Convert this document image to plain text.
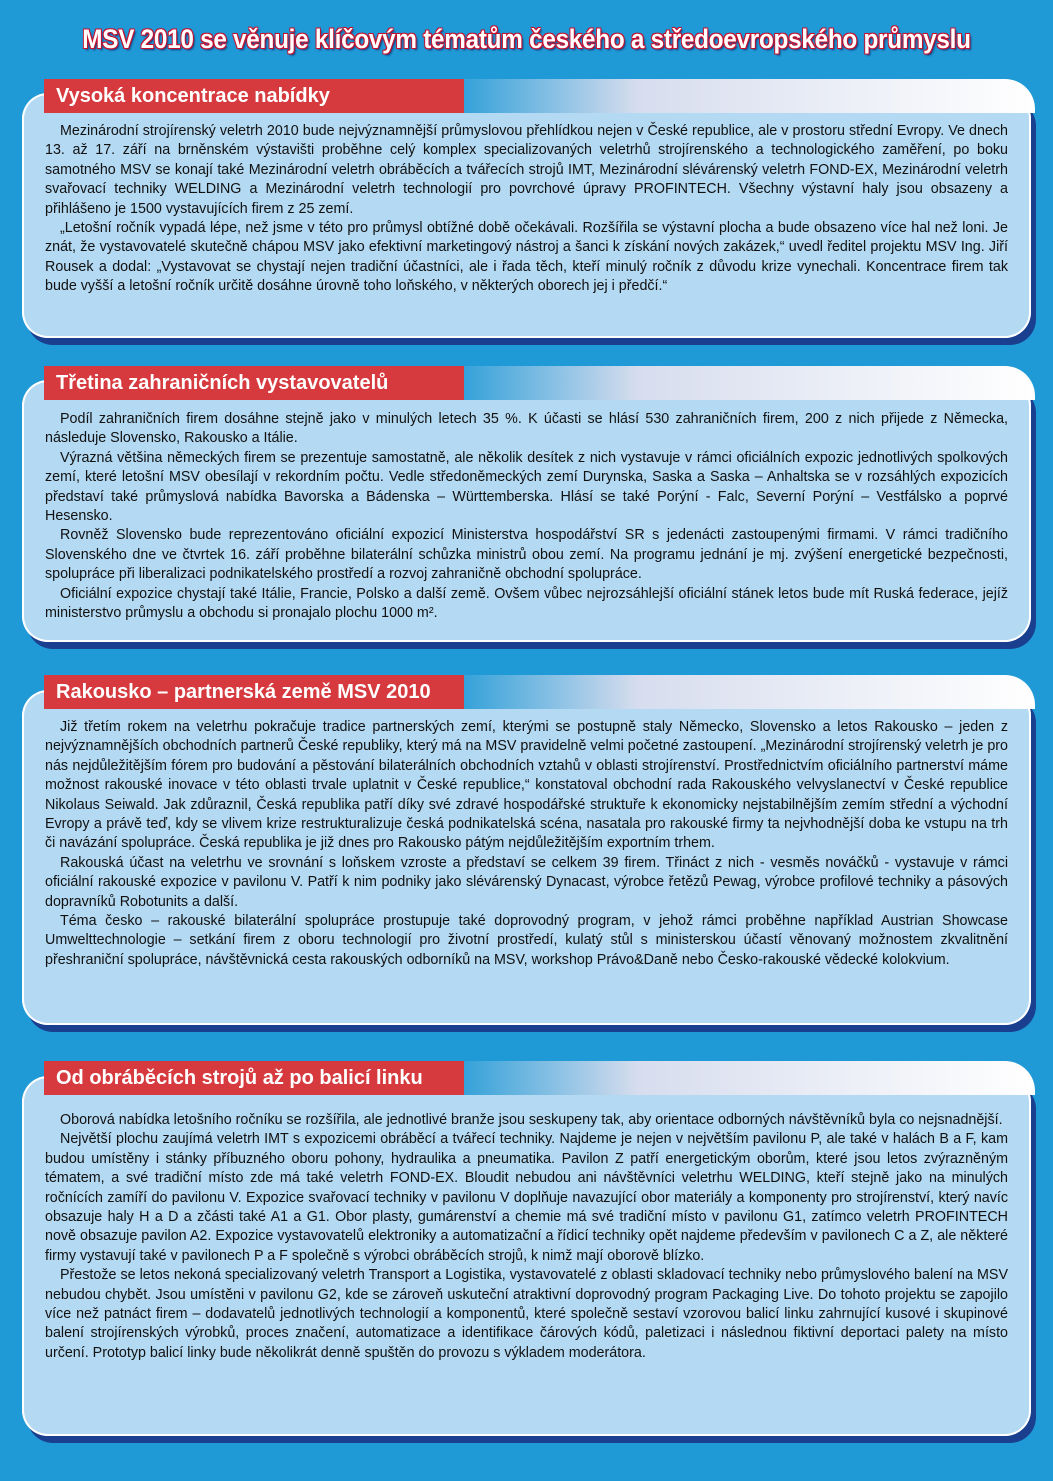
MSV 2010 se věnuje klíčovým tématům českého a středoevropského průmyslu
Vysoká koncentrace nabídky

Mezinárodní strojírenský veletrh 2010 bude nejvýznamnější průmyslovou přehlídkou nejen v České republice, ale v prostoru střední Evropy. Ve dnech 13. až 17. září na brněnském výstavišti proběhne celý komplex specializovaných veletrhů strojírenského a technologického zaměření, po boku samotného MSV se konají také Mezinárodní veletrh obráběcích a tvářecích strojů IMT, Mezinárodní slévárenský veletrh FOND-EX, Mezinárodní veletrh svařovací techniky WELDING a Mezinárodní veletrh technologií pro povrchové úpravy PROFINTECH. Všechny výstavní haly jsou obsazeny a přihlášeno je 1500 vystavujících firem z 25 zemí.

„Letošní ročník vypadá lépe, než jsme v této pro průmysl obtížné době očekávali. Rozšířila se výstavní plocha a bude obsazeno více hal než loni. Je znát, že vystavovatelé skutečně chápou MSV jako efektivní marketingový nástroj a šanci k získání nových zakázek,“ uvedl ředitel projektu MSV Ing. Jiří Rousek a dodal: „Vystavovat se chystají nejen tradiční účastníci, ale i řada těch, kteří minulý ročník z důvodu krize vynechali. Koncentrace firem tak bude vyšší a letošní ročník určitě dosáhne úrovně toho loňského, v některých oborech jej i předčí.“

Třetina zahraničních vystavovatelů

Podíl zahraničních firem dosáhne stejně jako v minulých letech 35 %. K účasti se hlásí 530 zahraničních firem, 200 z nich přijede z Německa, následuje Slovensko, Rakousko a Itálie.

Výrazná většina německých firem se prezentuje samostatně, ale několik desítek z nich vystavuje v rámci oficiálních expozic jednotlivých spolkových zemí, které letošní MSV obesílají v rekordním počtu. Vedle středoněmeckých zemí Durynska, Saska a Saska – Anhaltska se v rozsáhlých expozicích představí také průmyslová nabídka Bavorska a Bádenska – Württemberska. Hlásí se také Porýní - Falc, Severní Porýní – Vestfálsko a poprvé Hesensko.

Rovněž Slovensko bude reprezentováno oficiální expozicí Ministerstva hospodářství SR s jedenácti zastoupenými firmami. V rámci tradičního Slovenského dne ve čtvrtek 16. září proběhne bilaterální schůzka ministrů obou zemí. Na programu jednání je mj. zvýšení energetické bezpečnosti, spolupráce při liberalizaci podnikatelského prostředí a rozvoj zahraničně obchodní spolupráce.

Oficiální expozice chystají také Itálie, Francie, Polsko a další země. Ovšem vůbec nejrozsáhlejší oficiální stánek letos bude mít Ruská federace, jejíž ministerstvo průmyslu a obchodu si pronajalo plochu 1000 m².

Rakousko – partnerská země MSV 2010

Již třetím rokem na veletrhu pokračuje tradice partnerských zemí, kterými se postupně staly Německo, Slovensko a letos Rakousko – jeden z nejvýznamnějších obchodních partnerů České republiky, který má na MSV pravidelně velmi početné zastoupení. „Mezinárodní strojírenský veletrh je pro nás nejdůležitějším fórem pro budování a pěstování bilaterálních obchodních vztahů v oblasti strojírenství. Prostřednictvím oficiálního partnerství máme možnost rakouské inovace v této oblasti trvale uplatnit v České republice,“ konstatoval obchodní rada Rakouského velvyslanectví v České republice Nikolaus Seiwald. Jak zdůraznil, Česká republika patří díky své zdravé hospodářské struktuře k ekonomicky nejstabilnějším zemím střední a východní Evropy a právě teď, kdy se vlivem krize restrukturalizuje česká podnikatelská scéna, nasatala pro rakouské firmy ta nejvhodnější doba ke vstupu na trh či navázání spolupráce. Česká republika je již dnes pro Rakousko pátým nejdůležitějším exportním trhem.

Rakouská účast na veletrhu ve srovnání s loňskem vzroste a představí se celkem 39 firem. Třináct z nich - vesměs nováčků - vystavuje v rámci oficiální rakouské expozice v pavilonu V. Patří k nim podniky jako slévárenský Dynacast, výrobce řetězů Pewag, výrobce profilové techniky a pásových dopravníků Robotunits a další.

Téma česko – rakouské bilaterální spolupráce prostupuje také doprovodný program, v jehož rámci proběhne například Austrian Showcase Umwelttechnologie – setkání firem z oboru technologií pro životní prostředí, kulatý stůl s ministerskou účastí věnovaný možnostem zkvalitnění přeshraniční spolupráce, návštěvnická cesta rakouských odborníků na MSV, workshop Právo&Daně nebo Česko-rakouské vědecké kolokvium.

Od obráběcích strojů až po balicí linku

Oborová nabídka letošního ročníku se rozšířila, ale jednotlivé branže jsou seskupeny tak, aby orientace odborných návštěvníků byla co nejsnadnější.

Největší plochu zaujímá veletrh IMT s expozicemi obráběcí a tvářecí techniky. Najdeme je nejen v největším pavilonu P, ale také v halách B a F, kam budou umístěny i stánky příbuzného oboru pohony, hydraulika a pneumatika. Pavilon Z patří energetickým oborům, které jsou letos zvýrazněným tématem, a své tradiční místo zde má také veletrh FOND-EX. Bloudit nebudou ani návštěvníci veletrhu WELDING, kteří stejně jako na minulých ročnících zamíří do pavilonu V. Expozice svařovací techniky v pavilonu V doplňuje navazující obor materiály a komponenty pro strojírenství, který navíc obsazuje haly H a D a zčásti také A1 a G1. Obor plasty, gumárenství a chemie má své tradiční místo v pavilonu G1, zatímco veletrh PROFINTECH nově obsazuje pavilon A2. Expozice vystavovatelů elektroniky a automatizační a řídicí techniky opět najdeme především v pavilonech C a Z, ale některé firmy vystavují také v pavilonech P a F společně s výrobci obráběcích strojů, k nimž mají oborově blízko.

Přestože se letos nekoná specializovaný veletrh Transport a Logistika, vystavovatelé z oblasti skladovací techniky nebo průmyslového balení na MSV nebudou chybět. Jsou umístěni v pavilonu G2, kde se zároveň uskuteční atraktivní doprovodný program Packaging Live. Do tohoto projektu se zapojilo více než patnáct firem – dodavatelů jednotlivých technologií a komponentů, které společně sestaví vzorovou balicí linku zahrnující kusové i skupinové balení strojírenských výrobků, proces značení, automatizace a identifikace čárových kódů, paletizaci i následnou fiktivní deportaci palety na místo určení. Prototyp balicí linky bude několikrát denně spuštěn do provozu s výkladem moderátora.
